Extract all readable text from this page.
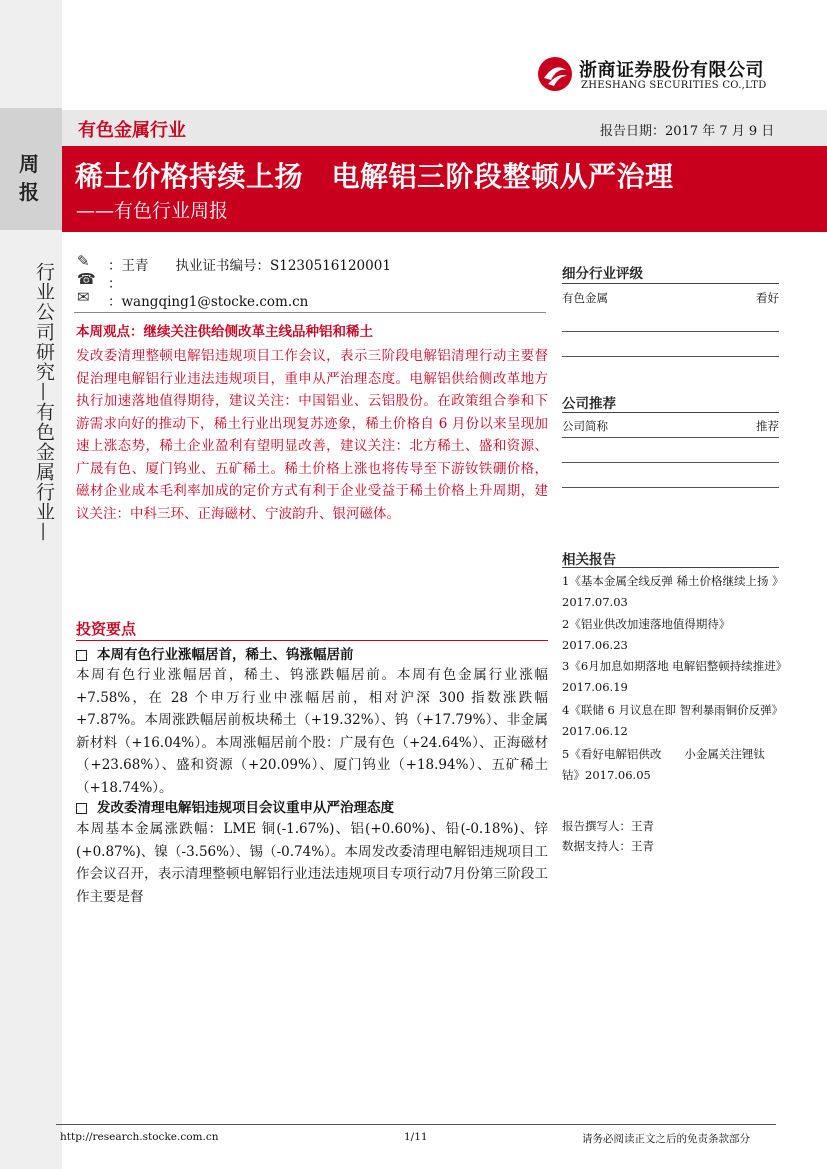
周报
行业公司研究—有色金属行业—
浙商证券股份有限公司
ZHESHANG SECURITIES CO.,LTD
有色金属行业	报告日期：2017 年 7 月 9 日
稀土价格持续上扬　电解铝三阶段整顿从严治理
——有色行业周报
✎	：王青　　执业证书编号：S1230516120001
☎ ：
✉	：wangqing1@stocke.com.cn
本周观点：继续关注供给侧改革主线品种铝和稀土
发改委清理整顿电解铝违规项目工作会议，表示三阶段电解铝清理行动主要督促治理电解铝行业违法违规项目，重申从严治理态度。电解铝供给侧改革地方执行加速落地值得期待，建议关注：中国铝业、云铝股份。在政策组合拳和下游需求向好的推动下，稀土行业出现复苏迹象，稀土价格自 6 月份以来呈现加速上涨态势，稀土企业盈利有望明显改善，建议关注：北方稀土、盛和资源、广晟有色、厦门钨业、五矿稀土。稀土价格上涨也将传导至下游钕铁硼价格，磁材企业成本毛利率加成的定价方式有利于企业受益于稀土价格上升周期，建议关注：中科三环、正海磁材、宁波韵升、银河磁体。
投资要点
本周有色行业涨幅居首，稀土、钨涨幅居前
本周有色行业涨幅居首，稀土、钨涨跌幅居前。本周有色金属行业涨幅+7.58%，在 28 个申万行业中涨幅居前，相对沪深 300 指数涨跌幅+7.87%。本周涨跌幅居前板块稀土（+19.32%）、钨（+17.79%）、非金属新材料（+16.04%）。本周涨幅居前个股：广晟有色（+24.64%）、正海磁材（+23.68%）、盛和资源（+20.09%）、厦门钨业（+18.94%）、五矿稀土（+18.74%）。
发改委清理电解铝违规项目会议重申从严治理态度
本周基本金属涨跌幅：LME 铜(-1.67%)、铝(+0.60%)、铅(-0.18%)、锌(+0.87%)、镍（-3.56%）、锡（-0.74%）。本周发改委清理电解铝违规项目工作会议召开，表示清理整顿电解铝行业违法违规项目专项行动7月份第三阶段工作主要是督
细分行业评级
有色金属	看好
公司推荐
公司简称	推荐
相关报告
1《基本金属全线反弹 稀土价格继续上扬 》2017.07.03
2《铝业供改加速落地值得期待》2017.06.23
3《6月加息如期落地 电解铝整顿持续推进》2017.06.19
4《联储 6 月议息在即 智利暴雨铜价反弹》2017.06.12
5《看好电解铝供改　　小金属关注锂钛钴》2017.06.05
报告撰写人：王青
数据支持人：王青
http://research.stocke.com.cn	1/11	请务必阅读正文之后的免责条款部分
